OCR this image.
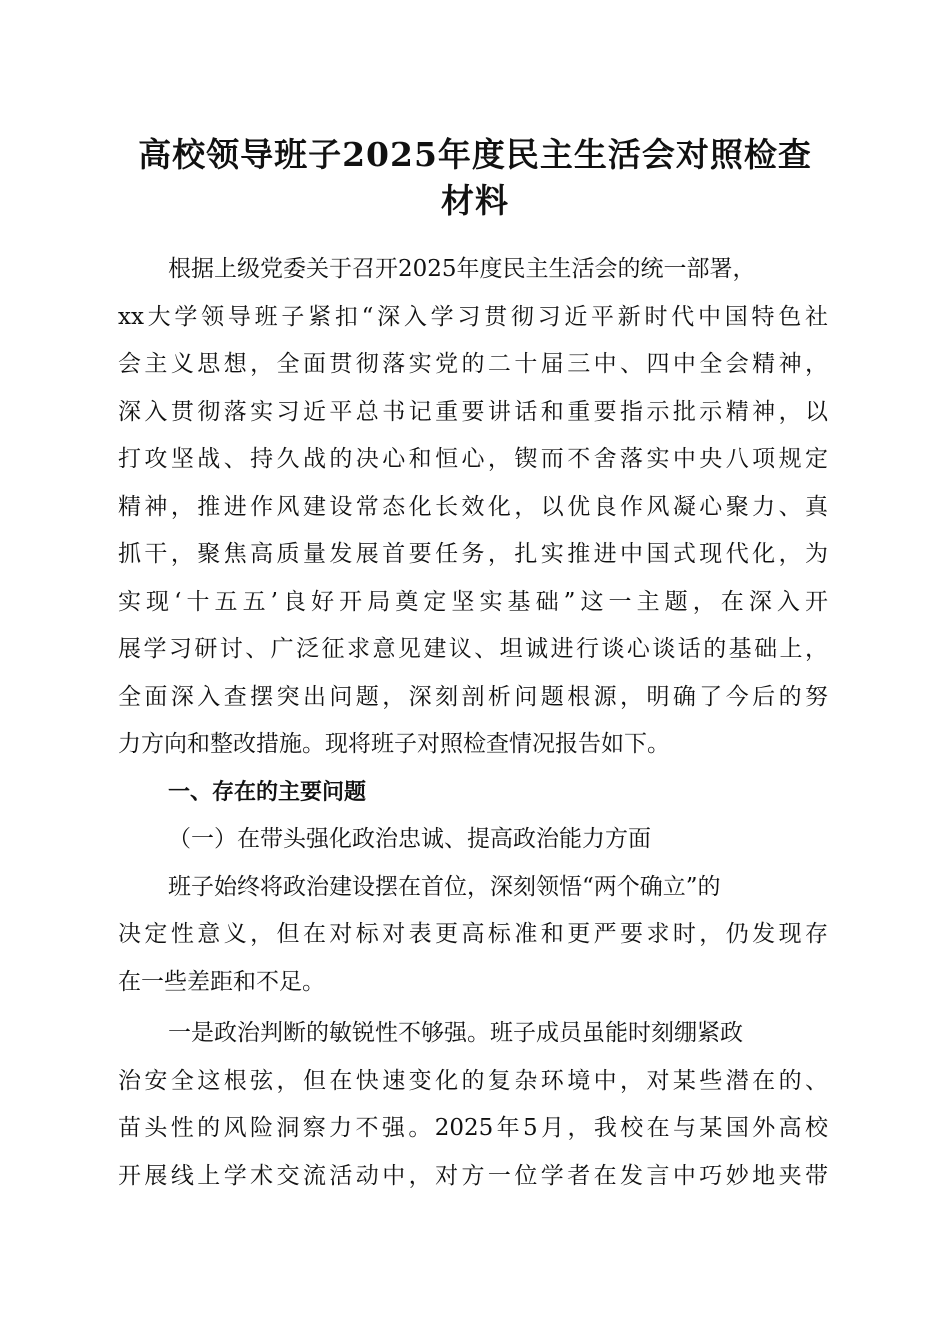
高校领导班子2025年度民主生活会对照检查
材料
根据上级党委关于召开2025年度民主生活会的统一部署，
xx大学领导班子紧扣“深入学习贯彻习近平新时代中国特色社
会主义思想，全面贯彻落实党的二十届三中、四中全会精神，
深入贯彻落实习近平总书记重要讲话和重要指示批示精神，以
打攻坚战、持久战的决心和恒心，锲而不舍落实中央八项规定
精神，推进作风建设常态化长效化，以优良作风凝心聚力、真
抓干，聚焦高质量发展首要任务，扎实推进中国式现代化，为
实现‘十五五’良好开局奠定坚实基础”这一主题，在深入开
展学习研讨、广泛征求意见建议、坦诚进行谈心谈话的基础上，
全面深入查摆突出问题，深刻剖析问题根源，明确了今后的努
力方向和整改措施。现将班子对照检查情况报告如下。
一、存在的主要问题
（一）在带头强化政治忠诚、提高政治能力方面
班子始终将政治建设摆在首位，深刻领悟“两个确立”的
决定性意义，但在对标对表更高标准和更严要求时，仍发现存
在一些差距和不足。
一是政治判断的敏锐性不够强。班子成员虽能时刻绷紧政
治安全这根弦，但在快速变化的复杂环境中，对某些潜在的、
苗头性的风险洞察力不强。2025年5月，我校在与某国外高校
开展线上学术交流活动中，对方一位学者在发言中巧妙地夹带
